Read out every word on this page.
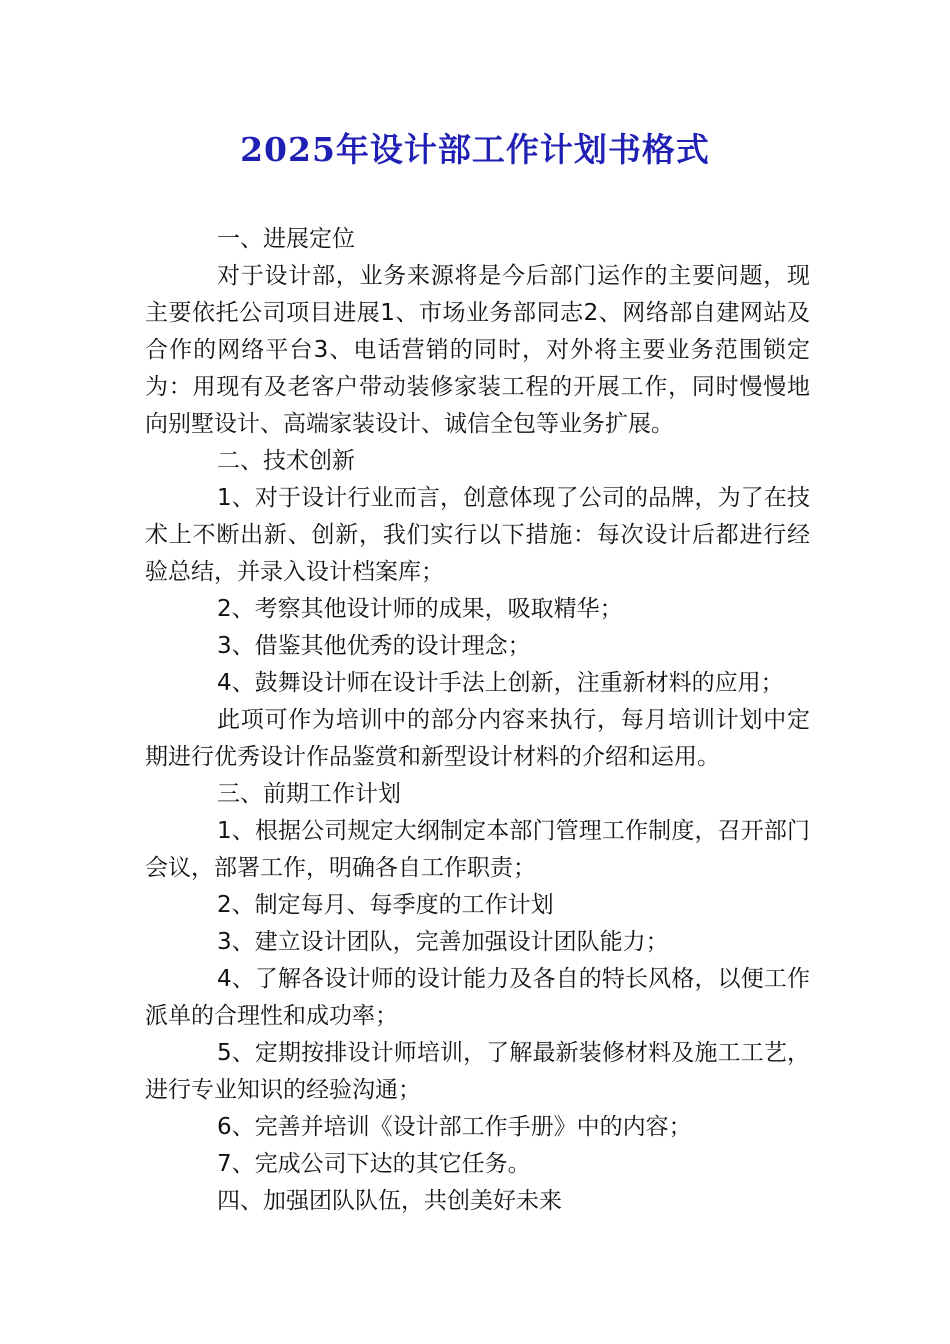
2025年设计部工作计划书格式

一、进展定位

对于设计部，业务来源将是今后部门运作的主要问题，现主要依托公司项目进展1、市场业务部同志2、网络部自建网站及合作的网络平台3、电话营销的同时，对外将主要业务范围锁定为：用现有及老客户带动装修家装工程的开展工作，同时慢慢地向别墅设计、高端家装设计、诚信全包等业务扩展。

二、技术创新

1、对于设计行业而言，创意体现了公司的品牌，为了在技术上不断出新、创新，我们实行以下措施：每次设计后都进行经验总结，并录入设计档案库；

2、考察其他设计师的成果，吸取精华；

3、借鉴其他优秀的设计理念；

4、鼓舞设计师在设计手法上创新，注重新材料的应用；

此项可作为培训中的部分内容来执行，每月培训计划中定期进行优秀设计作品鉴赏和新型设计材料的介绍和运用。

三、前期工作计划

1、根据公司规定大纲制定本部门管理工作制度，召开部门会议，部署工作，明确各自工作职责；

2、制定每月、每季度的工作计划

3、建立设计团队，完善加强设计团队能力；

4、了解各设计师的设计能力及各自的特长风格，以便工作派单的合理性和成功率；

5、定期按排设计师培训，了解最新装修材料及施工工艺，进行专业知识的经验沟通；

6、完善并培训《设计部工作手册》中的内容；

7、完成公司下达的其它任务。

四、加强团队队伍，共创美好未来
